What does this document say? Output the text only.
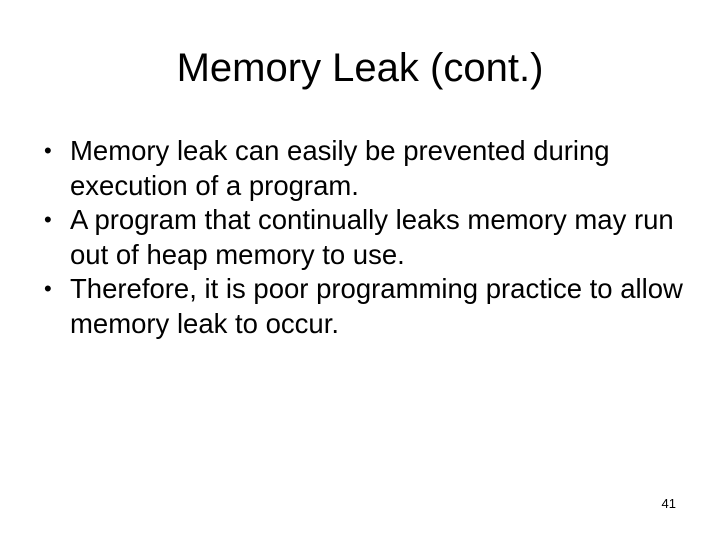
Memory Leak (cont.)
• Memory leak can easily be prevented during execution of a program.
• A program that continually leaks memory may run out of heap memory to use.
• Therefore, it is poor programming practice to allow memory leak to occur.
41
